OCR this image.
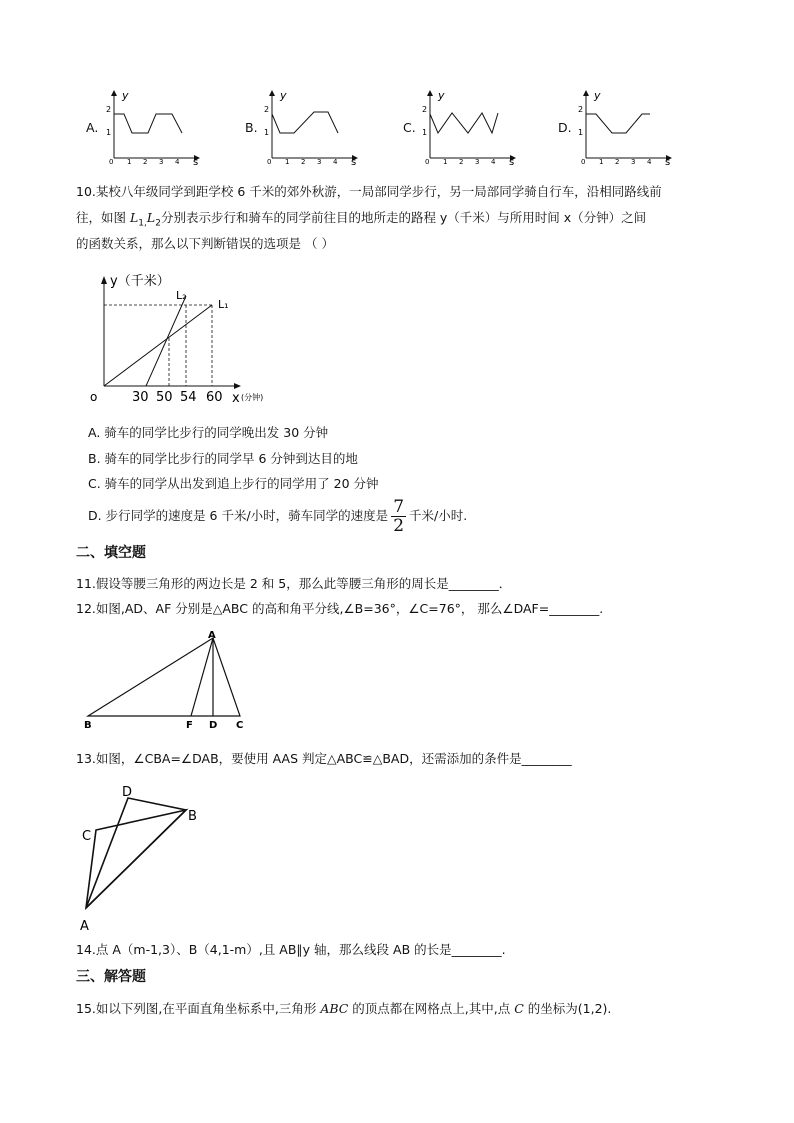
A.
y
s
2
1
0 1 2 3 4
B.
y
s
2
1
0 1 2 3 4
C.
y
s
2
1
0 1 2 3 4
D.
y
s
2
1
0 1 2 3 4
10.某校八年级同学到距学校 6 千米的郊外秋游，一局部同学步行，另一局部同学骑自行车，沿相同路线前
往，如图 $L_{1,}L_2$分别表示步行和骑车的同学前往目的地所走的路程 y（千米）与所用时间 x（分钟）之间
的函数关系，那么以下判断错误的选项是 （ ）
y（千米）
o	x (分钟)
L₂
L₁
30 50 54 60
A. 骑车的同学比步行的同学晚出发 30 分钟
B. 骑车的同学比步行的同学早 6 分钟到达目的地
C. 骑车的同学从出发到追上步行的同学用了 20 分钟
D. 步行同学的速度是 6 千米/小时，骑车同学的速度是 $\frac{7}{2}$ 千米/小时.
二、填空题
11.假设等腰三角形的两边长是 2 和 5，那么此等腰三角形的周长是________．
12.如图,AD、AF 分别是△ABC 的高和角平分线,∠B=36°，∠C=76°， 那么∠DAF=________.
A
B	F D C
13.如图，∠CBA=∠DAB，要使用 AAS 判定△ABC≌△BAD，还需添加的条件是________
D
B
C
A
14.点 A（m-1,3）、B（4,1-m）,且 AB∥y 轴，那么线段 AB 的长是________.
三、解答题
15.如以下列图,在平面直角坐标系中,三角形 ABC 的顶点都在网格点上,其中,点 C 的坐标为(1,2).
